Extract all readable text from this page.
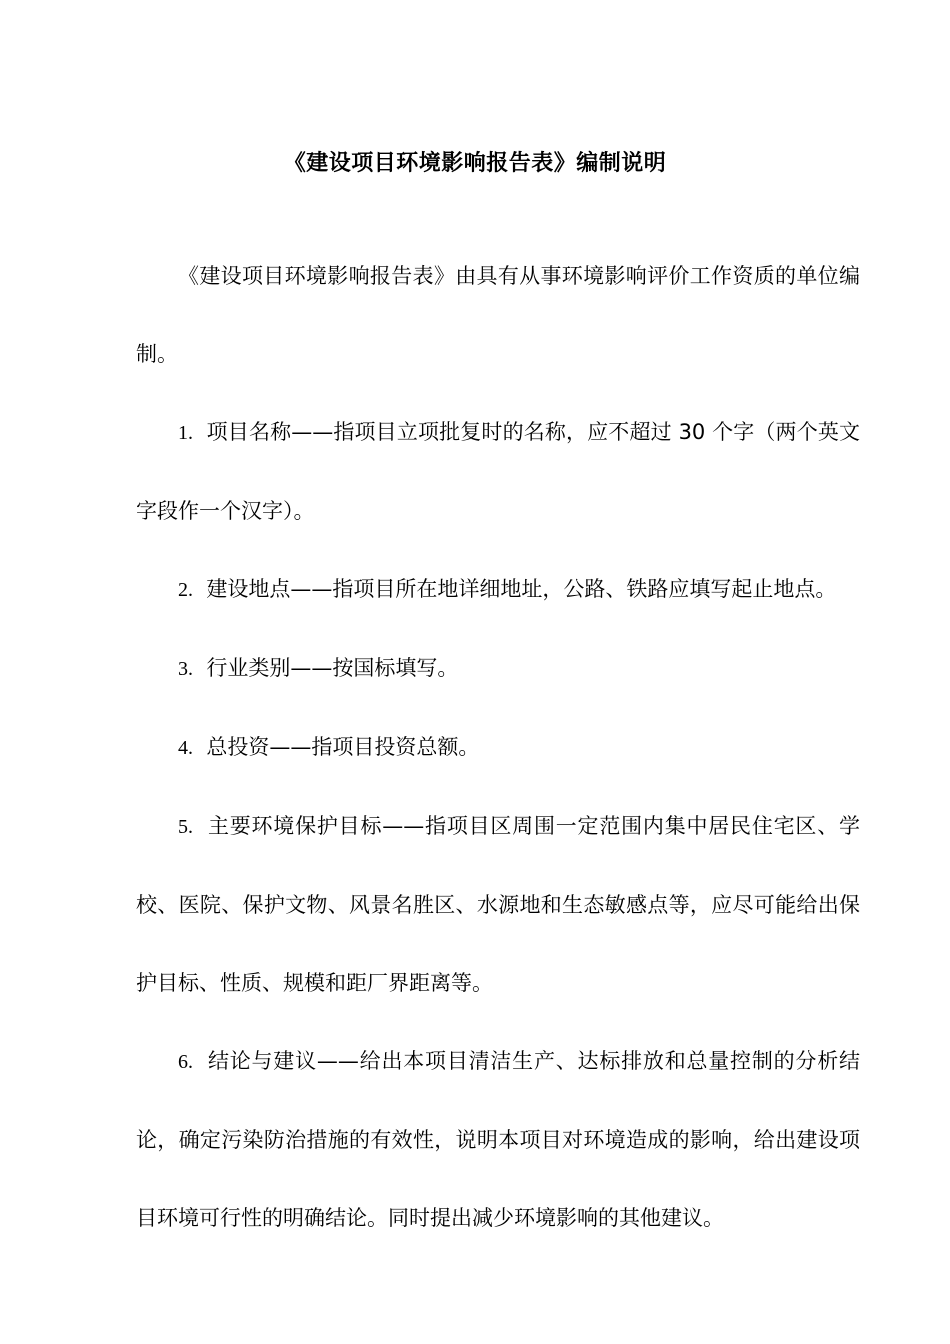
《建设项目环境影响报告表》编制说明

《建设项目环境影响报告表》由具有从事环境影响评价工作资质的单位编制。

1. 项目名称——指项目立项批复时的名称，应不超过 30 个字（两个英文字段作一个汉字）。

2. 建设地点——指项目所在地详细地址，公路、铁路应填写起止地点。

3. 行业类别——按国标填写。

4. 总投资——指项目投资总额。

5. 主要环境保护目标——指项目区周围一定范围内集中居民住宅区、学校、医院、保护文物、风景名胜区、水源地和生态敏感点等，应尽可能给出保护目标、性质、规模和距厂界距离等。

6. 结论与建议——给出本项目清洁生产、达标排放和总量控制的分析结论，确定污染防治措施的有效性，说明本项目对环境造成的影响，给出建设项目环境可行性的明确结论。同时提出减少环境影响的其他建议。
